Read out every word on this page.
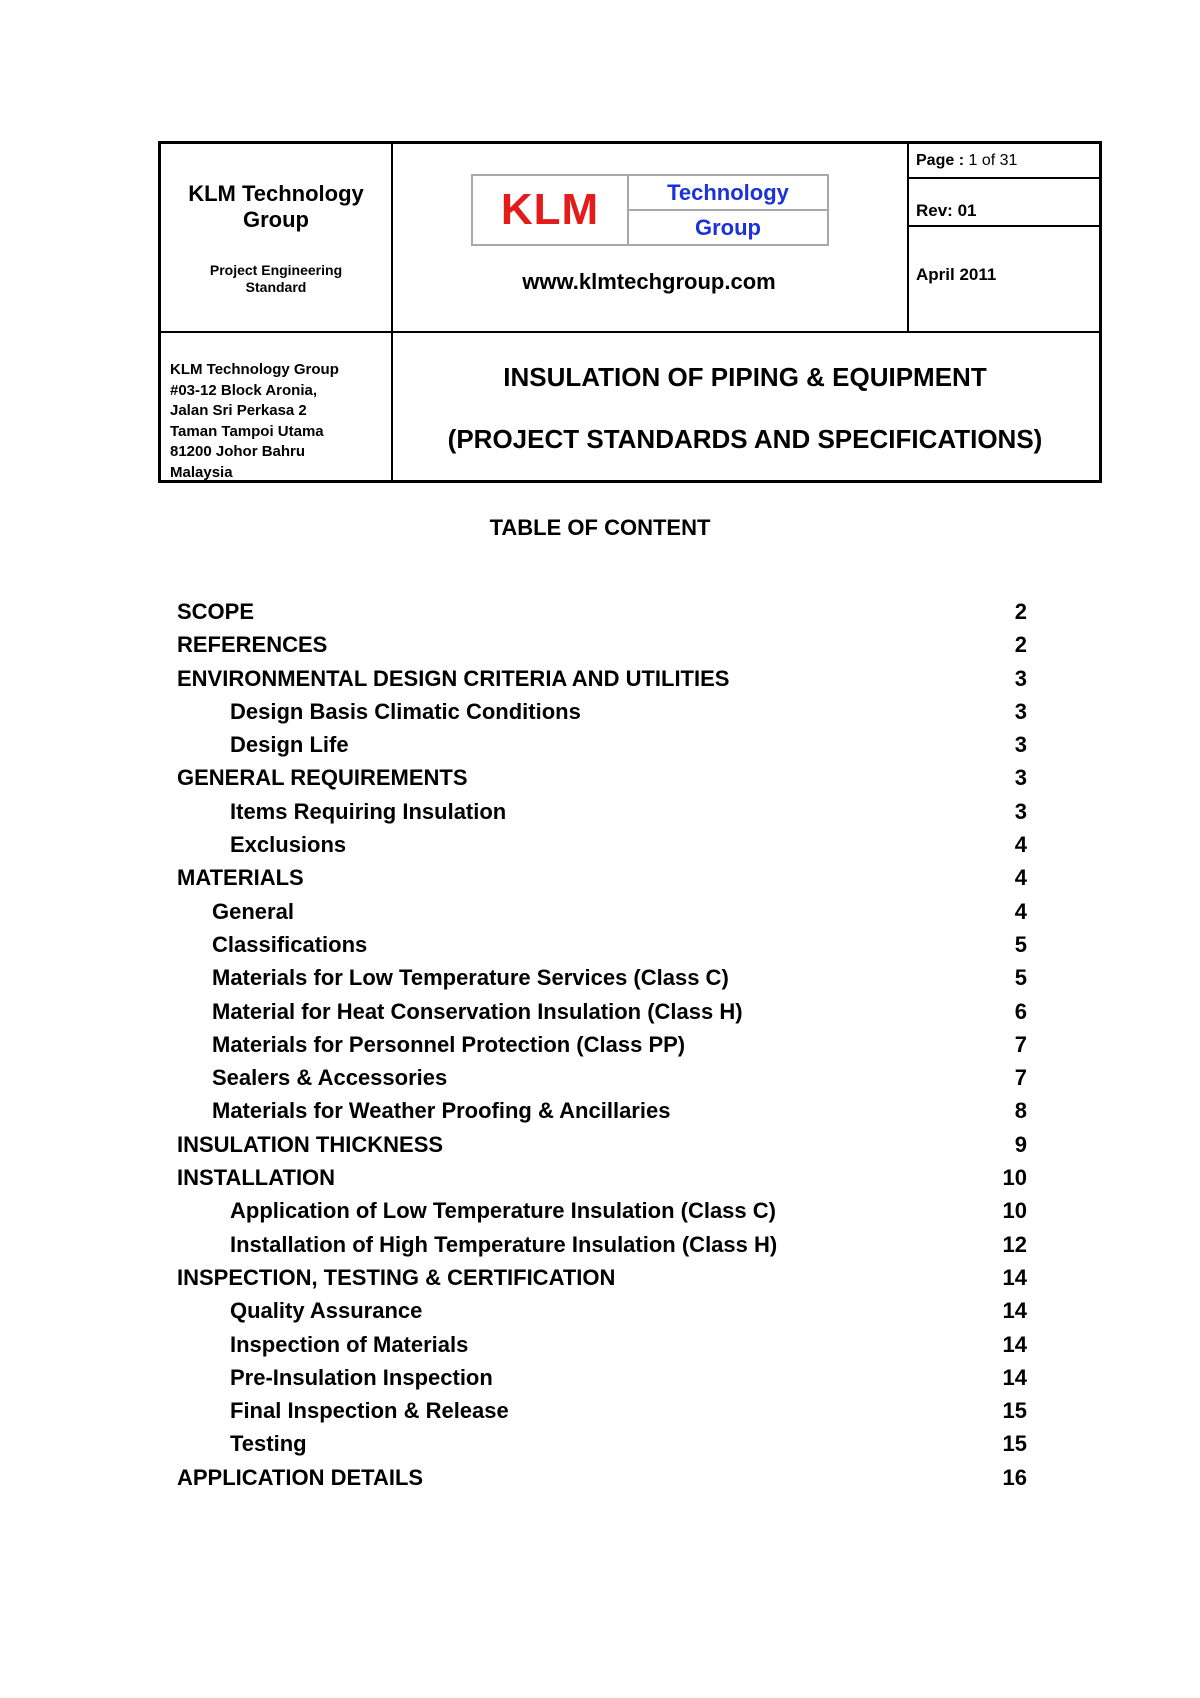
KLM Technology
Group
Project Engineering
Standard
KLM Technology Group
#03-12 Block Aronia,
Jalan Sri Perkasa 2
Taman Tampoi Utama
81200 Johor Bahru
Malaysia
KLM	Technology
Group
www.klmtechgroup.com
Page : 1 of 31
Rev: 01
April 2011
INSULATION OF PIPING & EQUIPMENT
(PROJECT STANDARDS AND SPECIFICATIONS)
TABLE OF CONTENT
SCOPE	2
REFERENCES	2
ENVIRONMENTAL DESIGN CRITERIA AND UTILITIES	3
Design Basis Climatic Conditions	3
Design Life	3
GENERAL REQUIREMENTS	3
Items Requiring Insulation	3
Exclusions	4
MATERIALS	4
General	4
Classifications	5
Materials for Low Temperature Services (Class C)	5
Material for Heat Conservation Insulation (Class H)	6
Materials for Personnel Protection (Class PP)	7
Sealers & Accessories	7
Materials for Weather Proofing & Ancillaries	8
INSULATION THICKNESS	9
INSTALLATION	10
Application of Low Temperature Insulation (Class C)	10
Installation of High Temperature Insulation (Class H)	12
INSPECTION, TESTING & CERTIFICATION	14
Quality Assurance	14
Inspection of Materials	14
Pre-Insulation Inspection	14
Final Inspection & Release	15
Testing	15
APPLICATION DETAILS	16
